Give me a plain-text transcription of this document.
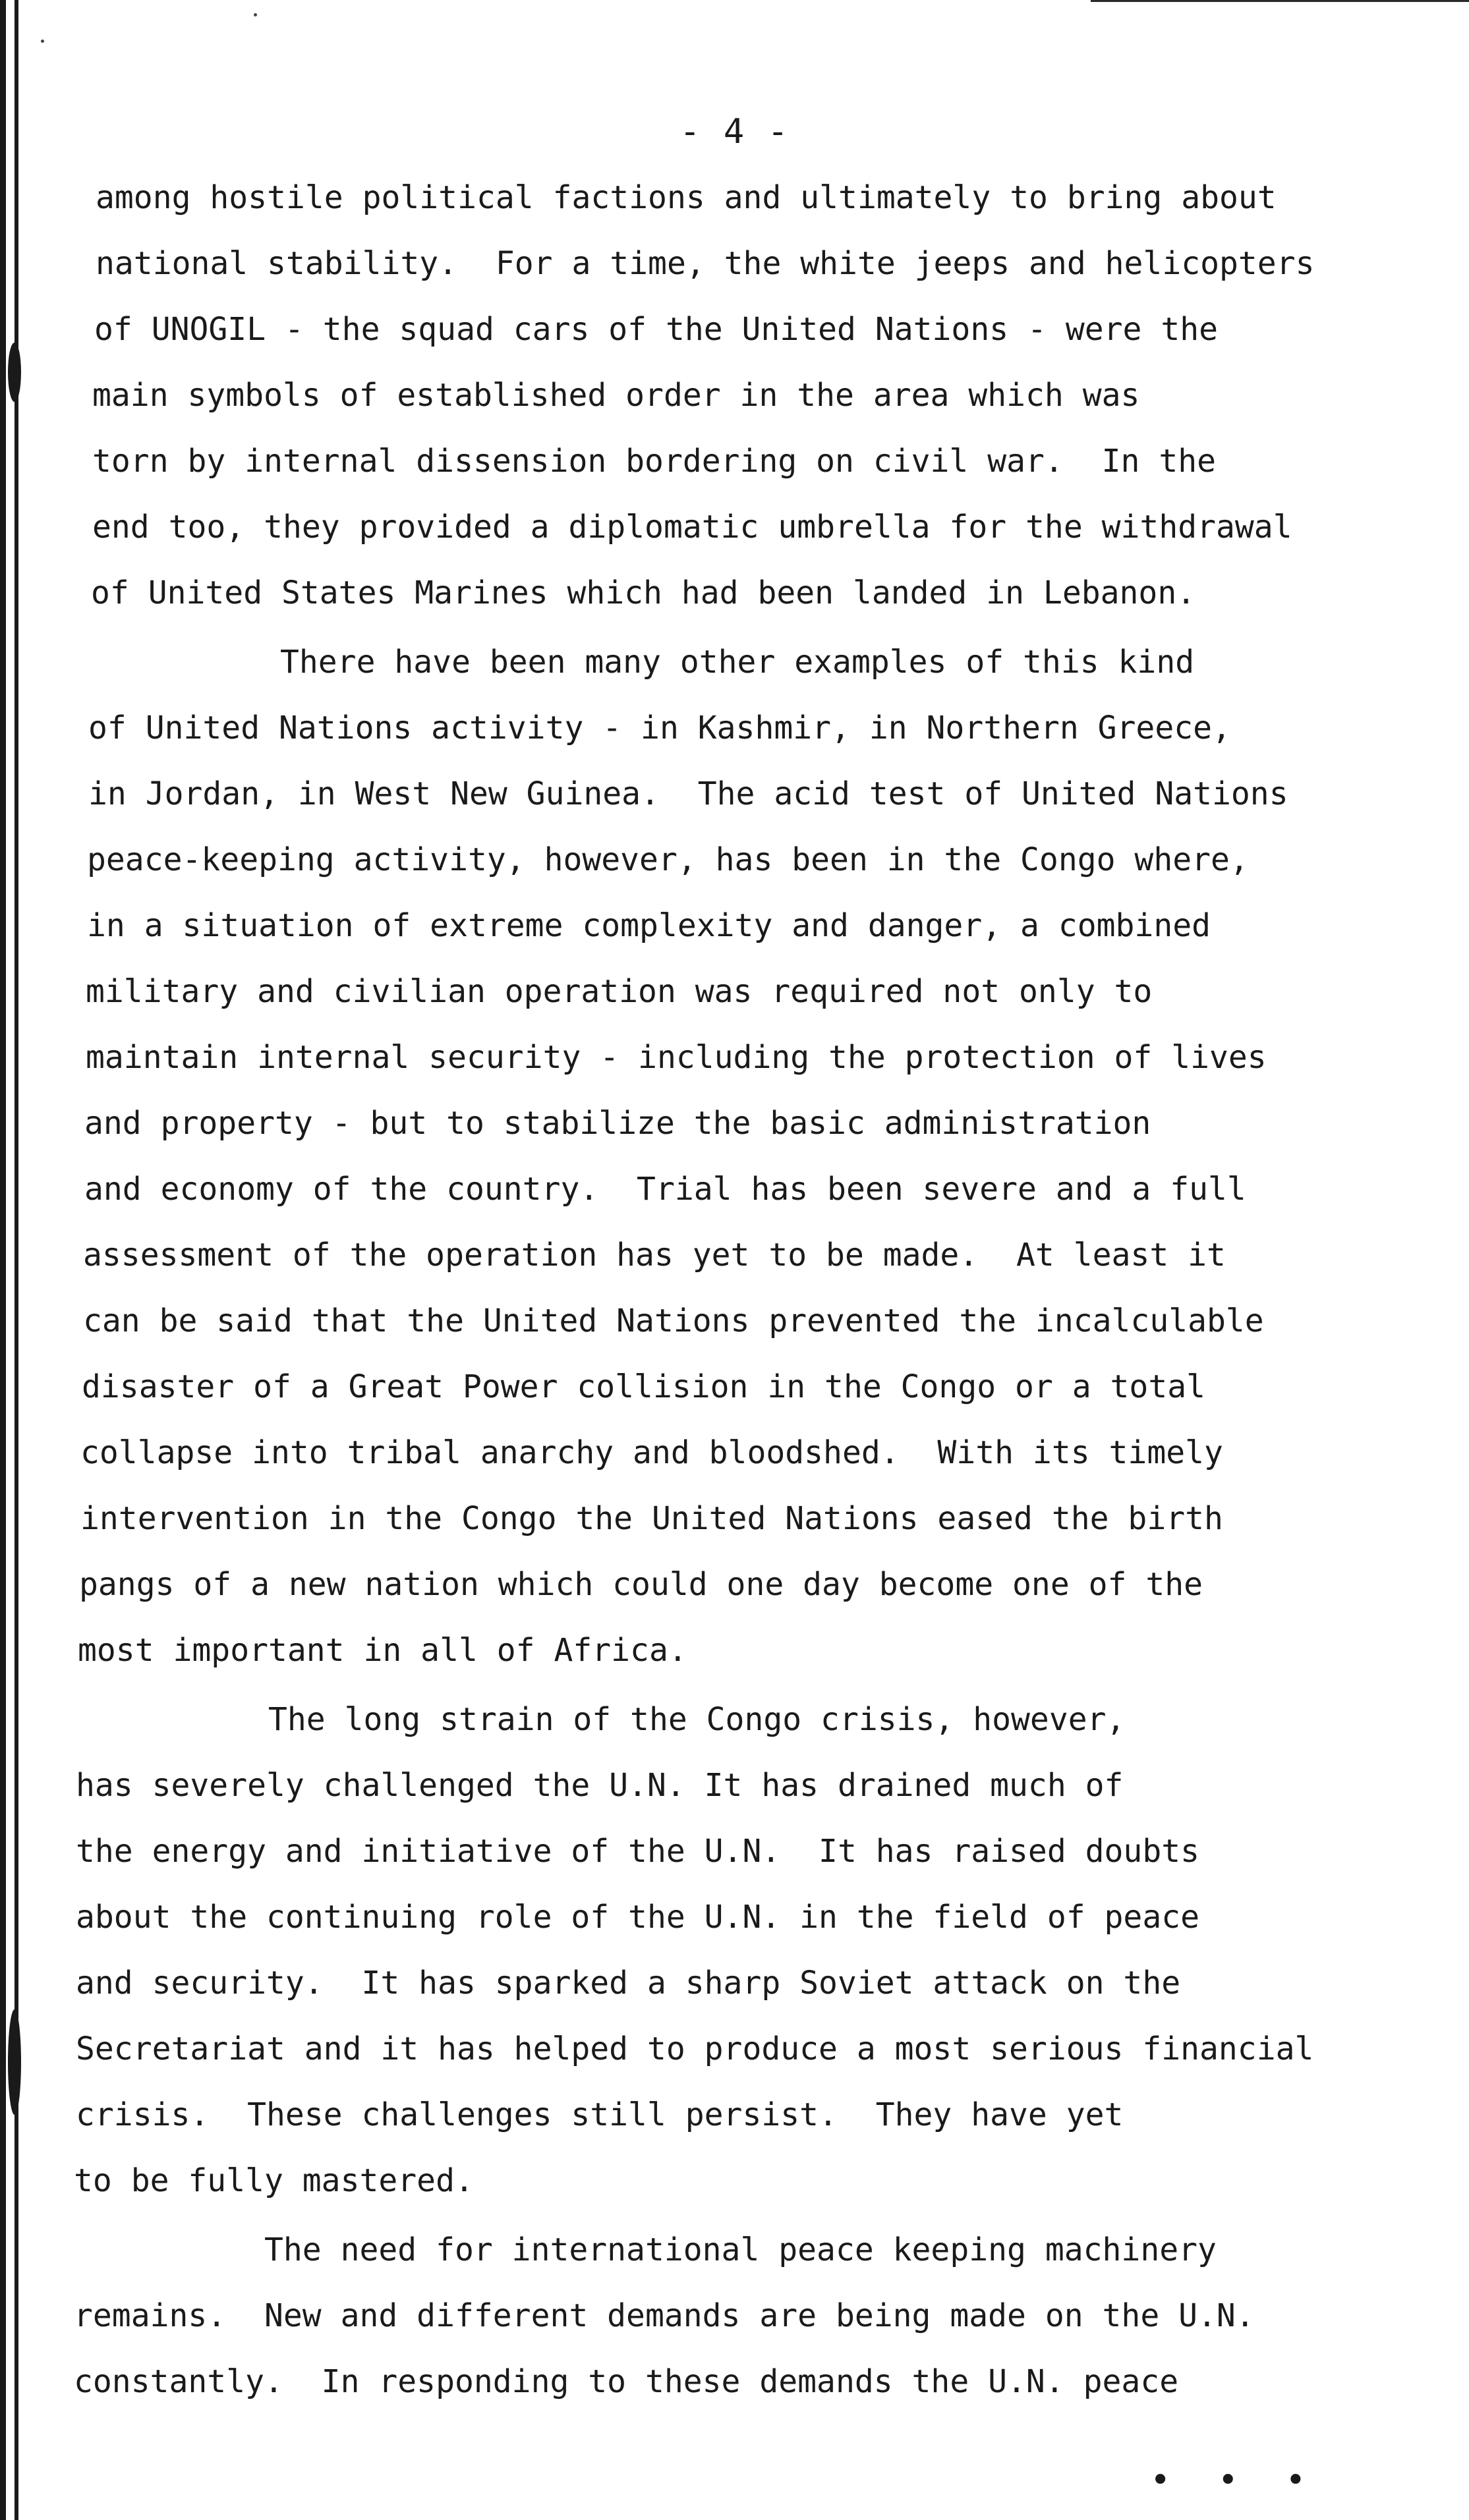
- 4 -
among hostile political factions and ultimately to bring about
national stability.  For a time, the white jeeps and helicopters
of UNOGIL - the squad cars of the United Nations - were the
main symbols of established order in the area which was
torn by internal dissension bordering on civil war.  In the
end too, they provided a diplomatic umbrella for the withdrawal
of United States Marines which had been landed in Lebanon.
There have been many other examples of this kind
of United Nations activity - in Kashmir, in Northern Greece,
in Jordan, in West New Guinea.  The acid test of United Nations
peace-keeping activity, however, has been in the Congo where,
in a situation of extreme complexity and danger, a combined
military and civilian operation was required not only to
maintain internal security - including the protection of lives
and property - but to stabilize the basic administration
and economy of the country.  Trial has been severe and a full
assessment of the operation has yet to be made.  At least it
can be said that the United Nations prevented the incalculable
disaster of a Great Power collision in the Congo or a total
collapse into tribal anarchy and bloodshed.  With its timely
intervention in the Congo the United Nations eased the birth
pangs of a new nation which could one day become one of the
most important in all of Africa.
The long strain of the Congo crisis, however,
has severely challenged the U.N. It has drained much of
the energy and initiative of the U.N.  It has raised doubts
about the continuing role of the U.N. in the field of peace
and security.  It has sparked a sharp Soviet attack on the
Secretariat and it has helped to produce a most serious financial
crisis.  These challenges still persist.  They have yet
to be fully mastered.
The need for international peace keeping machinery
remains.  New and different demands are being made on the U.N.
constantly.  In responding to these demands the U.N. peace
• • •
